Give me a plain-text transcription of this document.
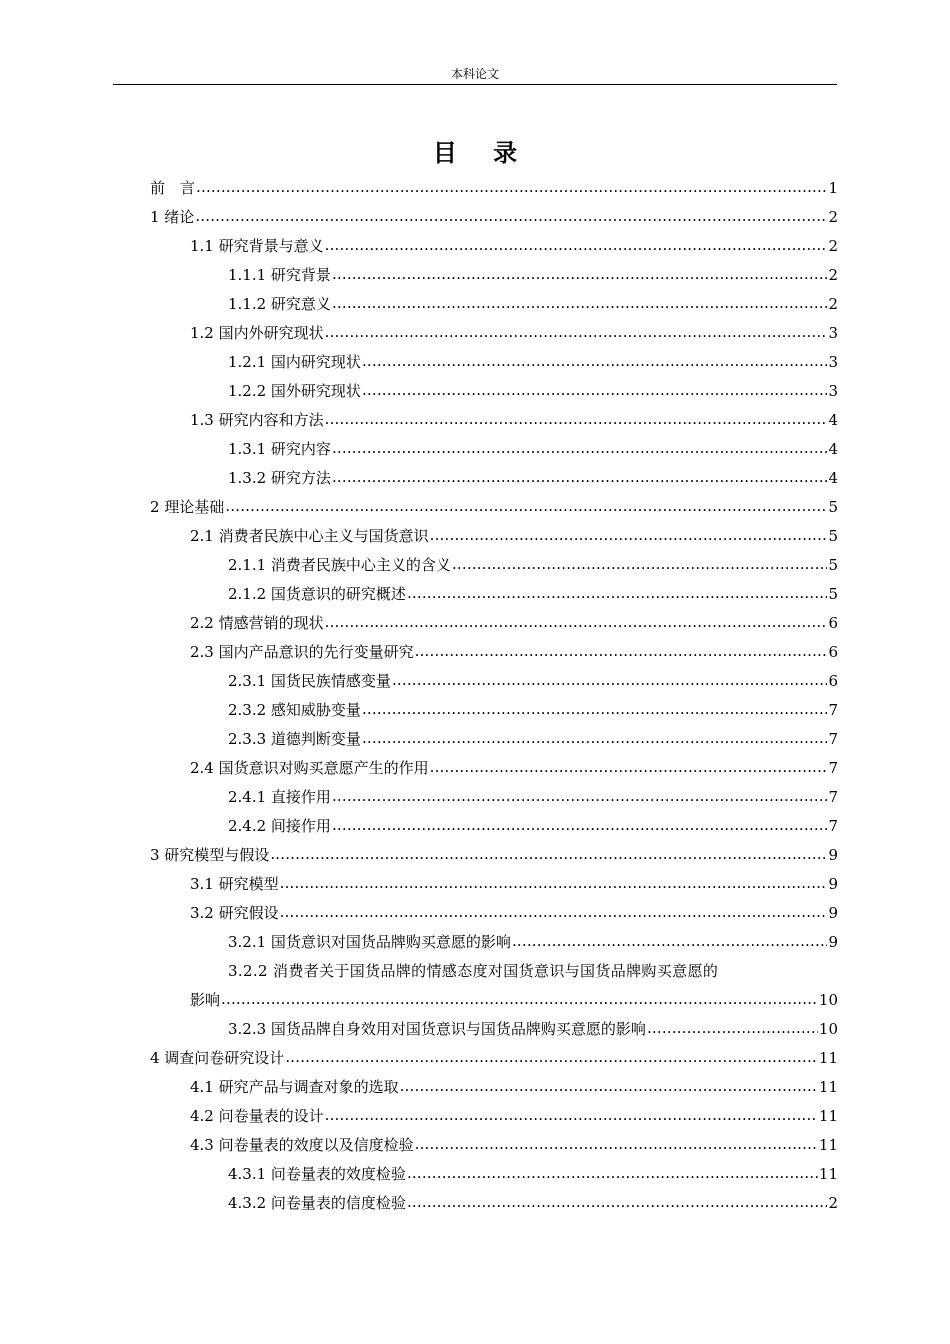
本科论文
目 录
前　言 .....	1
1 绪论 .....	2
1.1 研究背景与意义 .....	2
1.1.1 研究背景 .....	2
1.1.2 研究意义 .....	2
1.2 国内外研究现状 .....	3
1.2.1 国内研究现状 .....	3
1.2.2 国外研究现状 .....	3
1.3 研究内容和方法 .....	4
1.3.1 研究内容 .....	4
1.3.2 研究方法 .....	4
2 理论基础 .....	5
2.1 消费者民族中心主义与国货意识 .....	5
2.1.1 消费者民族中心主义的含义 .....	5
2.1.2 国货意识的研究概述 .....	5
2.2 情感营销的现状 .....	6
2.3 国内产品意识的先行变量研究 .....	6
2.3.1 国货民族情感变量 .....	6
2.3.2 感知威胁变量 .....	7
2.3.3 道德判断变量 .....	7
2.4 国货意识对购买意愿产生的作用 .....	7
2.4.1 直接作用 .....	7
2.4.2 间接作用 .....	7
3 研究模型与假设 .....	9
3.1 研究模型 .....	9
3.2 研究假设 .....	9
3.2.1 国货意识对国货品牌购买意愿的影响 .....	9
3.2.2 消费者关于国货品牌的情感态度对国货意识与国货品牌购买意愿的
影响 .....	10
3.2.3 国货品牌自身效用对国货意识与国货品牌购买意愿的影响 .....	10
4 调查问卷研究设计 .....	11
4.1 研究产品与调查对象的选取 .....	11
4.2 问卷量表的设计 .....	11
4.3 问卷量表的效度以及信度检验 .....	11
4.3.1 问卷量表的效度检验 .....	11
4.3.2 问卷量表的信度检验 .....	2
